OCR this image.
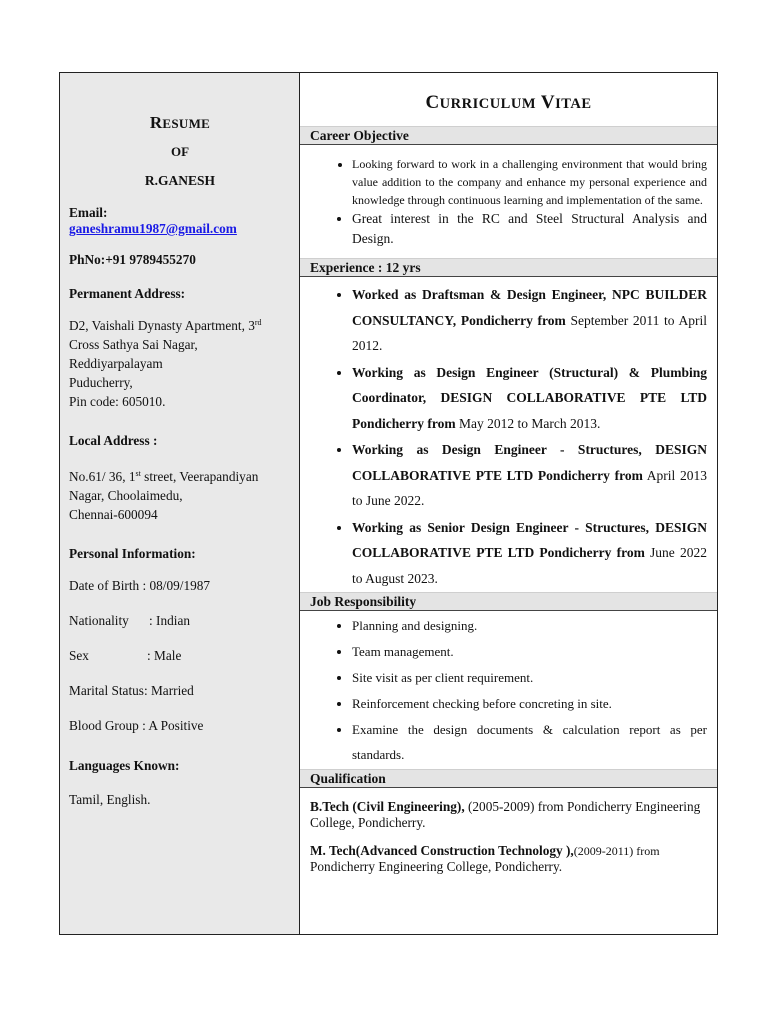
RESUME
OF
R.GANESH
Email:
ganeshramu1987@gmail.com
PhNo:+91 9789455270
Permanent Address:
D2, Vaishali Dynasty Apartment, 3rd
Cross Sathya Sai Nagar,
Reddiyarpalayam
Puducherry,
Pin code: 605010.
Local Address :
No.61/ 36, 1st street, Veerapandiyan
Nagar, Choolaimedu,
Chennai-600094
Personal Information:
Date of Birth : 08/09/1987
Nationality : Indian
Sex	: Male
Marital Status: Married
Blood Group : A Positive
Languages Known:
Tamil, English.
CURRICULUM VITAE
Career Objective
• Looking forward to work in a challenging environment that would bring value addition to the company and enhance my personal experience and knowledge through continuous learning and implementation of the same.
• Great interest in the RC and Steel Structural Analysis and Design.
Experience : 12 yrs
• Worked as Draftsman & Design Engineer, NPC BUILDER CONSULTANCY, Pondicherry from September 2011 to April 2012.
• Working as Design Engineer (Structural) & Plumbing Coordinator, DESIGN COLLABORATIVE PTE LTD Pondicherry from May 2012 to March 2013.
• Working as Design Engineer - Structures, DESIGN COLLABORATIVE PTE LTD Pondicherry from April 2013 to June 2022.
• Working as Senior Design Engineer - Structures, DESIGN COLLABORATIVE PTE LTD Pondicherry from June 2022 to August 2023.
Job Responsibility
• Planning and designing.
• Team management.
• Site visit as per client requirement.
• Reinforcement checking before concreting in site.
• Examine the design documents & calculation report as per standards.
Qualification
B.Tech (Civil Engineering), (2005-2009) from Pondicherry Engineering College, Pondicherry.
M. Tech(Advanced Construction Technology ),(2009-2011) from
Pondicherry Engineering College, Pondicherry.
